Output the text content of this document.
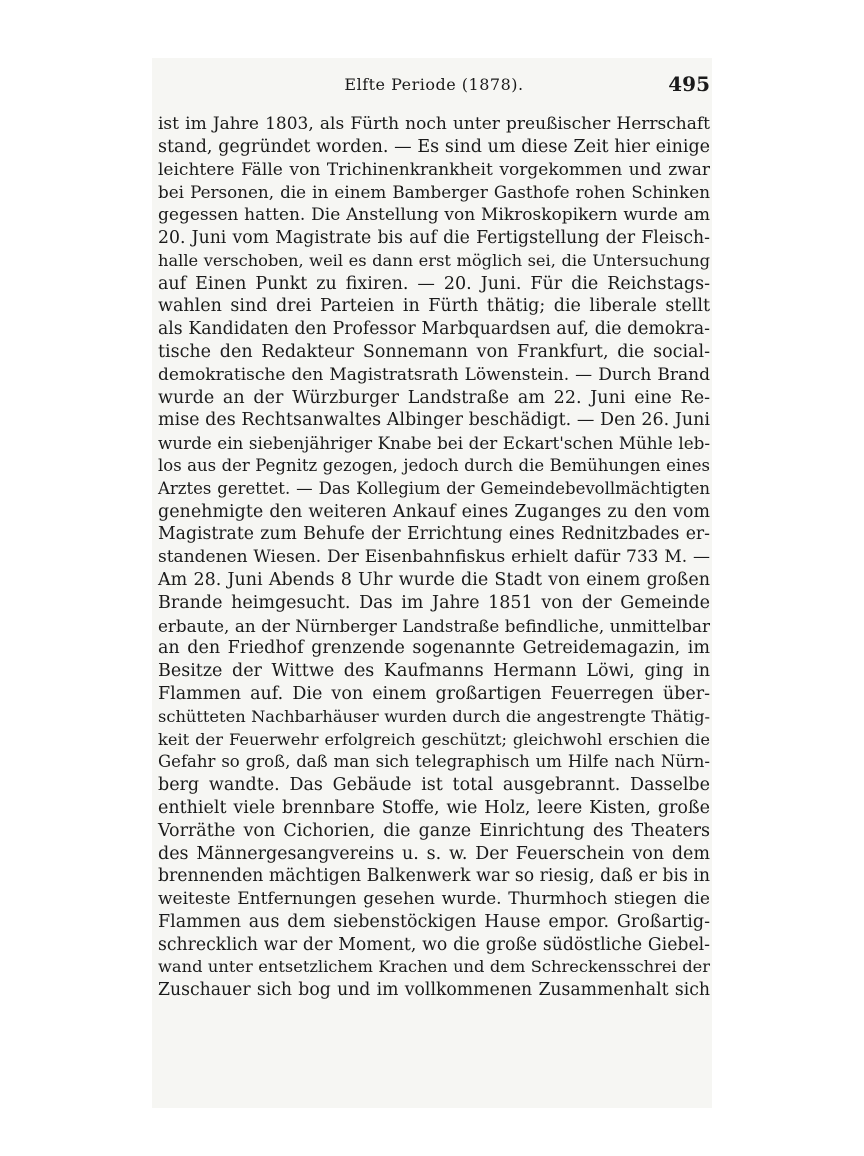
Elfte Periode (1878).	495
ist im Jahre 1803, als Fürth noch unter preußischer Herrschaft
stand, gegründet worden. — Es sind um diese Zeit hier einige
leichtere Fälle von Trichinenkrankheit vorgekommen und zwar
bei Personen, die in einem Bamberger Gasthofe rohen Schinken
gegessen hatten. Die Anstellung von Mikroskopikern wurde am
20. Juni vom Magistrate bis auf die Fertigstellung der Fleisch-
halle verschoben, weil es dann erst möglich sei, die Untersuchung
auf Einen Punkt zu fixiren. — 20. Juni. Für die Reichstags-
wahlen sind drei Parteien in Fürth thätig; die liberale stellt
als Kandidaten den Professor Marbquardsen auf, die demokra-
tische den Redakteur Sonnemann von Frankfurt, die social-
demokratische den Magistratsrath Löwenstein. — Durch Brand
wurde an der Würzburger Landstraße am 22. Juni eine Re-
mise des Rechtsanwaltes Albinger beschädigt. — Den 26. Juni
wurde ein siebenjähriger Knabe bei der Eckart'schen Mühle leb-
los aus der Pegnitz gezogen, jedoch durch die Bemühungen eines
Arztes gerettet. — Das Kollegium der Gemeindebevollmächtigten
genehmigte den weiteren Ankauf eines Zuganges zu den vom
Magistrate zum Behufe der Errichtung eines Rednitzbades er-
standenen Wiesen. Der Eisenbahnfiskus erhielt dafür 733 M. —
Am 28. Juni Abends 8 Uhr wurde die Stadt von einem großen
Brande heimgesucht. Das im Jahre 1851 von der Gemeinde
erbaute, an der Nürnberger Landstraße befindliche, unmittelbar
an den Friedhof grenzende sogenannte Getreidemagazin, im
Besitze der Wittwe des Kaufmanns Hermann Löwi, ging in
Flammen auf. Die von einem großartigen Feuerregen über-
schütteten Nachbarhäuser wurden durch die angestrengte Thätig-
keit der Feuerwehr erfolgreich geschützt; gleichwohl erschien die
Gefahr so groß, daß man sich telegraphisch um Hilfe nach Nürn-
berg wandte. Das Gebäude ist total ausgebrannt. Dasselbe
enthielt viele brennbare Stoffe, wie Holz, leere Kisten, große
Vorräthe von Cichorien, die ganze Einrichtung des Theaters
des Männergesangvereins u. s. w. Der Feuerschein von dem
brennenden mächtigen Balkenwerk war so riesig, daß er bis in
weiteste Entfernungen gesehen wurde. Thurmhoch stiegen die
Flammen aus dem siebenstöckigen Hause empor. Großartig-
schrecklich war der Moment, wo die große südöstliche Giebel-
wand unter entsetzlichem Krachen und dem Schreckensschrei der
Zuschauer sich bog und im vollkommenen Zusammenhalt sich
